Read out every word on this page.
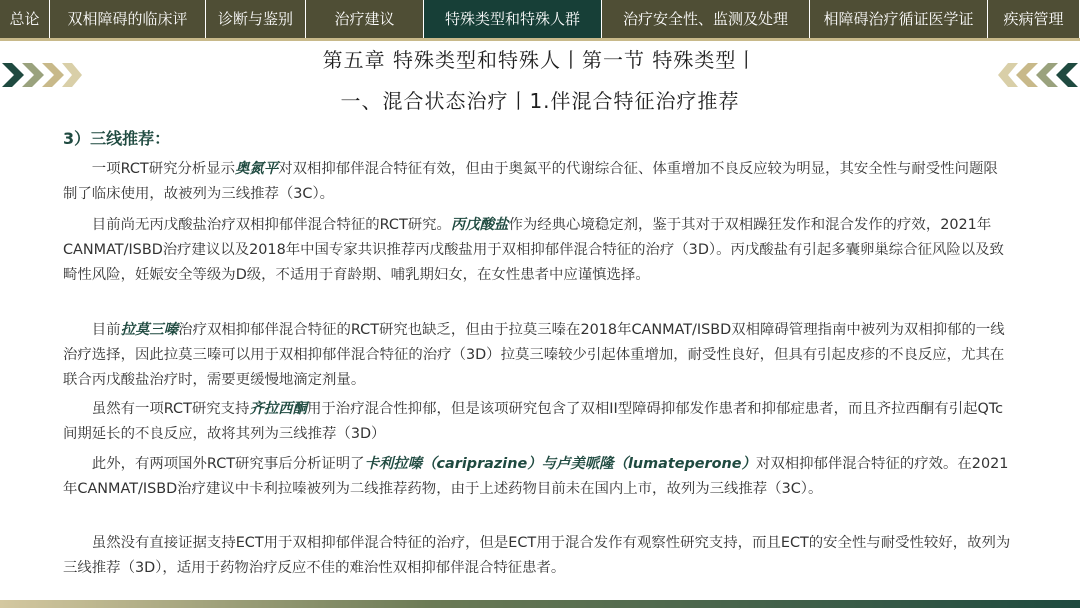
总论	双相障碍的临床评	诊断与鉴别	治疗建议	特殊类型和特殊人群	治疗安全性、监测及处理	相障碍治疗循证医学证	疾病管理
第五章 特殊类型和特殊人丨第一节 特殊类型丨
一、混合状态治疗丨1.伴混合特征治疗推荐
3）三线推荐：
一项RCT研究分析显示奥氮平对双相抑郁伴混合特征有效，但由于奥氮平的代谢综合征、体重增加不良反应较为明显，其安全性与耐受性问题限制了临床使用，故被列为三线推荐（3C）。
目前尚无丙戊酸盐治疗双相抑郁伴混合特征的RCT研究。丙戊酸盐作为经典心境稳定剂，鉴于其对于双相躁狂发作和混合发作的疗效，2021年CANMAT/ISBD治疗建议以及2018年中国专家共识推荐丙戊酸盐用于双相抑郁伴混合特征的治疗（3D）。丙戊酸盐有引起多囊卵巢综合征风险以及致畸性风险，妊娠安全等级为D级，不适用于育龄期、哺乳期妇女，在女性患者中应谨慎选择。
目前拉莫三嗪治疗双相抑郁伴混合特征的RCT研究也缺乏，但由于拉莫三嗪在2018年CANMAT/ISBD双相障碍管理指南中被列为双相抑郁的一线治疗选择，因此拉莫三嗪可以用于双相抑郁伴混合特征的治疗（3D）拉莫三嗪较少引起体重增加，耐受性良好，但具有引起皮疹的不良反应，尤其在联合丙戊酸盐治疗时，需要更缓慢地滴定剂量。
虽然有一项RCT研究支持齐拉西酮用于治疗混合性抑郁，但是该项研究包含了双相II型障碍抑郁发作患者和抑郁症患者，而且齐拉西酮有引起QTc间期延长的不良反应，故将其列为三线推荐（3D）
此外，有两项国外RCT研究事后分析证明了卡利拉嗪（cariprazine）与卢美哌隆（lumateperone）对双相抑郁伴混合特征的疗效。在2021年CANMAT/ISBD治疗建议中卡利拉嗪被列为二线推荐药物，由于上述药物目前未在国内上市，故列为三线推荐（3C）。
虽然没有直接证据支持ECT用于双相抑郁伴混合特征的治疗，但是ECT用于混合发作有观察性研究支持，而且ECT的安全性与耐受性较好，故列为三线推荐（3D），适用于药物治疗反应不佳的难治性双相抑郁伴混合特征患者。
